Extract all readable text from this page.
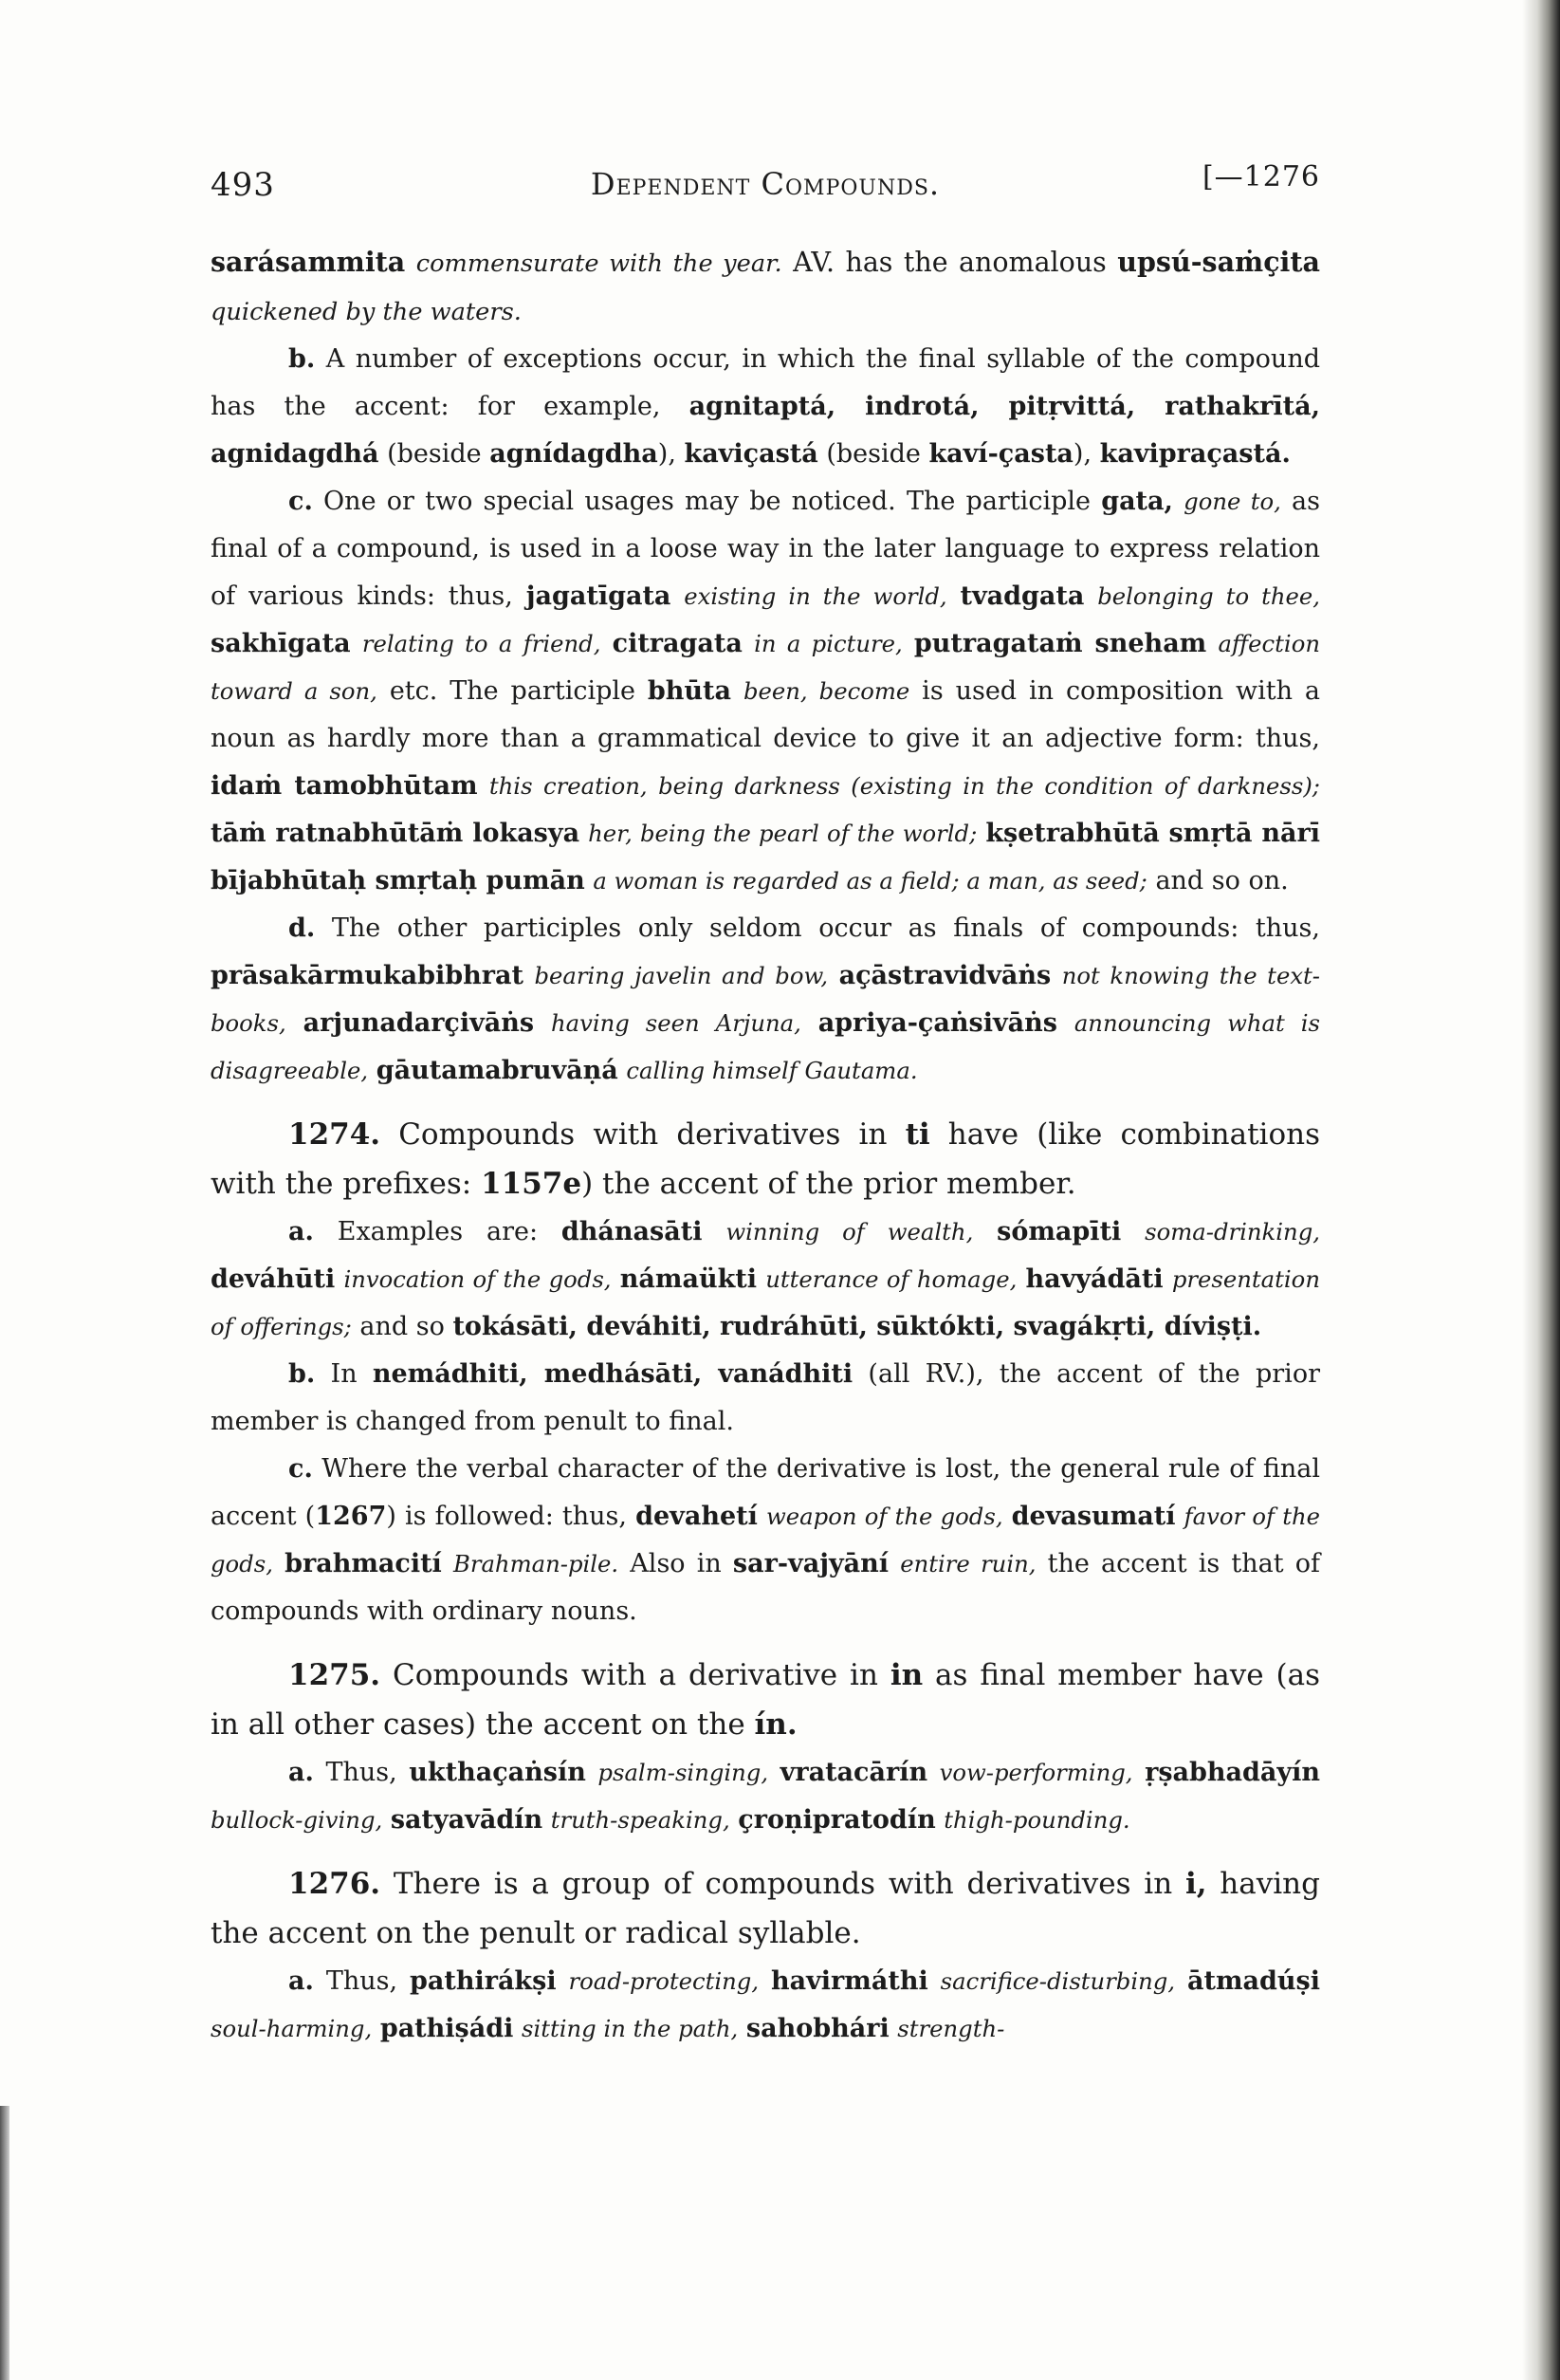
493	Dependent Compounds.	[—1276

sarásammita commensurate with the year. AV. has the anomalous upsú-saṁçita quickened by the waters.

b. A number of exceptions occur, in which the final syllable of the compound has the accent: for example, agnitaptá, indrotá, pitṛvittá, rathakrītá, agnidagdhá (beside agnídagdha), kaviçastá (beside kaví-çasta), kavipraçastá.

c. One or two special usages may be noticed. The participle gata, gone to, as final of a compound, is used in a loose way in the later language to express relation of various kinds: thus, jagatīgata existing in the world, tvadgata belonging to thee, sakhīgata relating to a friend, citragata in a picture, putragataṁ sneham affection toward a son, etc. The participle bhūta been, become is used in composition with a noun as hardly more than a grammatical device to give it an adjective form: thus, idaṁ tamobhūtam this creation, being darkness (existing in the condition of darkness); tāṁ ratnabhūtāṁ lokasya her, being the pearl of the world; kṣetrabhūtā smṛtā nārī bījabhūtaḥ smṛtaḥ pumān a woman is regarded as a field; a man, as seed; and so on.

d. The other participles only seldom occur as finals of compounds: thus, prāsakārmukabibhrat bearing javelin and bow, açāstravidvāṅs not knowing the text-books, arjunadarçivāṅs having seen Arjuna, apriya-çaṅsivāṅs announcing what is disagreeable, gāutamabruvāṇá calling himself Gautama.

1274. Compounds with derivatives in ti have (like combinations with the prefixes: 1157e) the accent of the prior member.

a. Examples are: dhánasāti winning of wealth, sómapīti soma-drinking, deváhūti invocation of the gods, námaükti utterance of homage, havyádāti presentation of offerings; and so tokásāti, deváhiti, rudráhūti, sūktókti, svagákṛti, díviṣṭi.

b. In nemádhiti, medhásāti, vanádhiti (all RV.), the accent of the prior member is changed from penult to final.

c. Where the verbal character of the derivative is lost, the general rule of final accent (1267) is followed: thus, devahetí weapon of the gods, devasumatí favor of the gods, brahmacití Brahman-pile. Also in sar-vajyāní entire ruin, the accent is that of compounds with ordinary nouns.

1275. Compounds with a derivative in in as final member have (as in all other cases) the accent on the ín.

a. Thus, ukthaçaṅsín psalm-singing, vratacārín vow-performing, ṛṣabhadāyín bullock-giving, satyavādín truth-speaking, çroṇipratodín thigh-pounding.

1276. There is a group of compounds with derivatives in i, having the accent on the penult or radical syllable.

a. Thus, pathirákṣi road-protecting, havirmáthi sacrifice-disturbing, ātmadúṣi soul-harming, pathiṣádi sitting in the path, sahobhári strength-
